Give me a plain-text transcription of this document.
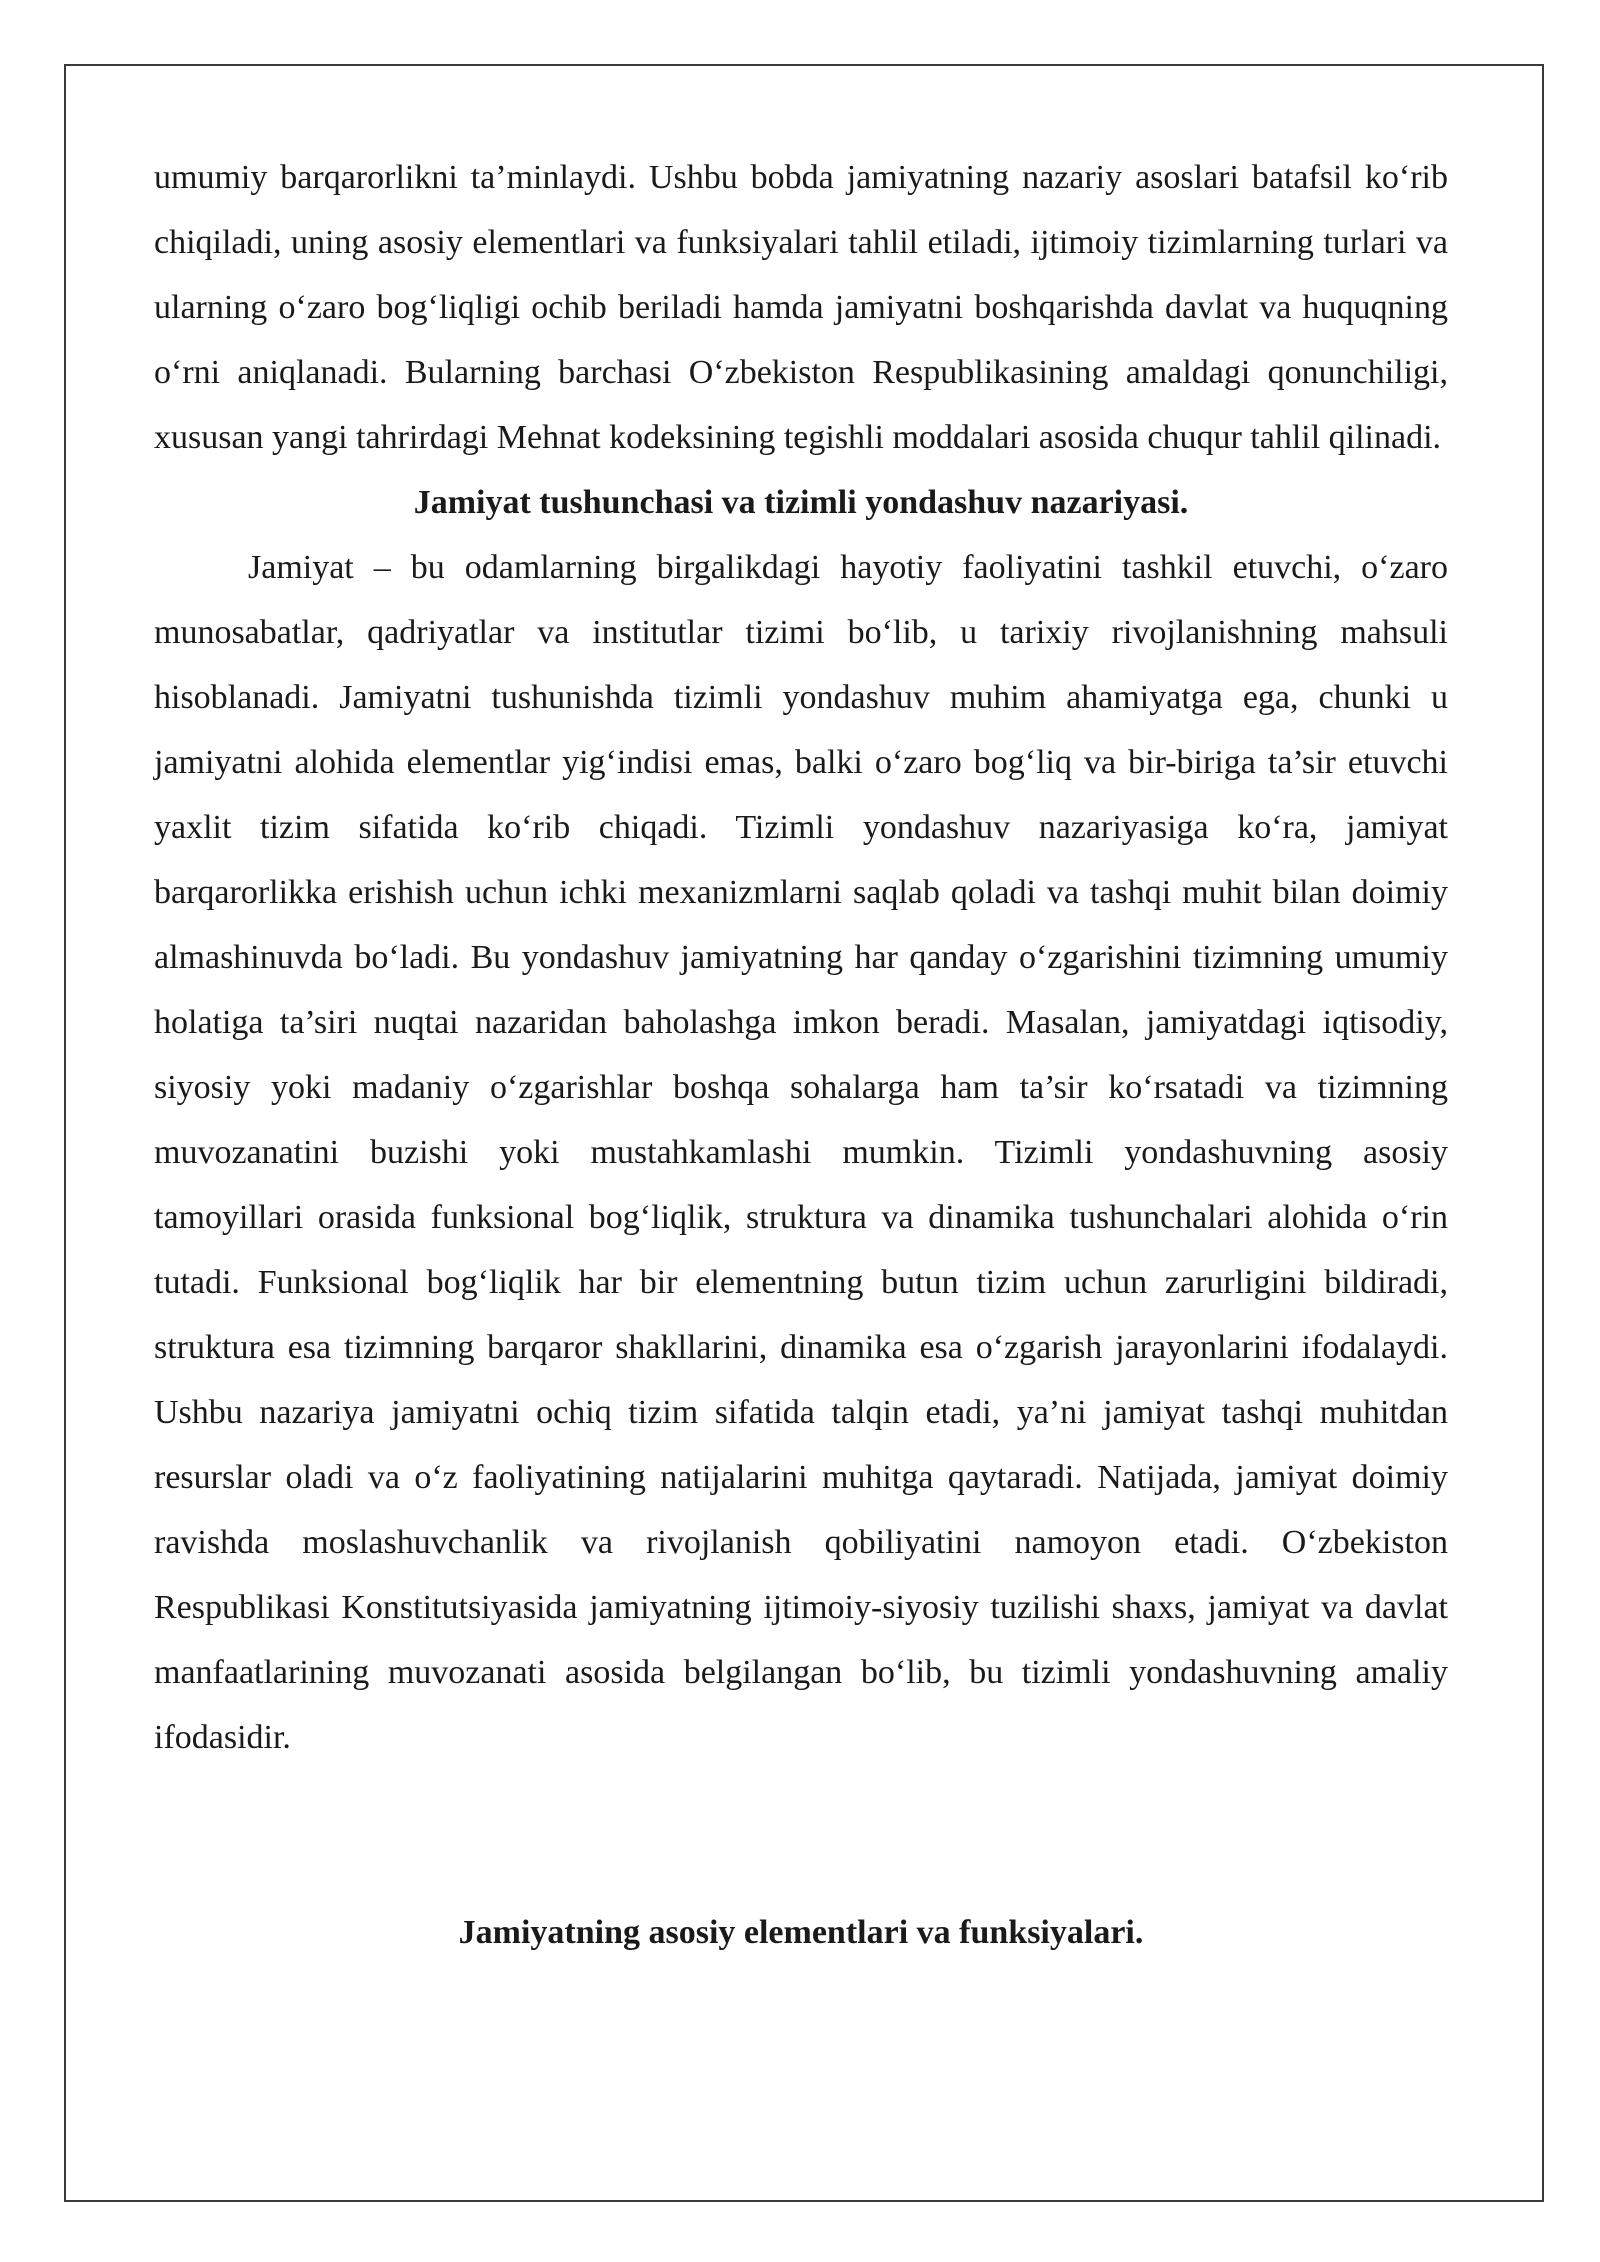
umumiy barqarorlikni ta’minlaydi. Ushbu bobda jamiyatning nazariy asoslari batafsil ko‘rib chiqiladi, uning asosiy elementlari va funksiyalari tahlil etiladi, ijtimoiy tizimlarning turlari va ularning o‘zaro bog‘liqligi ochib beriladi hamda jamiyatni boshqarishda davlat va huquqning o‘rni aniqlanadi. Bularning barchasi O‘zbekiston Respublikasining amaldagi qonunchiligi, xususan yangi tahrirdagi Mehnat kodeksining tegishli moddalari asosida chuqur tahlil qilinadi.

Jamiyat tushunchasi va tizimli yondashuv nazariyasi.

Jamiyat – bu odamlarning birgalikdagi hayotiy faoliyatini tashkil etuvchi, o‘zaro munosabatlar, qadriyatlar va institutlar tizimi bo‘lib, u tarixiy rivojlanishning mahsuli hisoblanadi. Jamiyatni tushunishda tizimli yondashuv muhim ahamiyatga ega, chunki u jamiyatni alohida elementlar yig‘indisi emas, balki o‘zaro bog‘liq va bir-biriga ta’sir etuvchi yaxlit tizim sifatida ko‘rib chiqadi. Tizimli yondashuv nazariyasiga ko‘ra, jamiyat barqarorlikka erishish uchun ichki mexanizmlarni saqlab qoladi va tashqi muhit bilan doimiy almashinuvda bo‘ladi. Bu yondashuv jamiyatning har qanday o‘zgarishini tizimning umumiy holatiga ta’siri nuqtai nazaridan baholashga imkon beradi. Masalan, jamiyatdagi iqtisodiy, siyosiy yoki madaniy o‘zgarishlar boshqa sohalarga ham ta’sir ko‘rsatadi va tizimning muvozanatini buzishi yoki mustahkamlashi mumkin. Tizimli yondashuvning asosiy tamoyillari orasida funksional bog‘liqlik, struktura va dinamika tushunchalari alohida o‘rin tutadi. Funksional bog‘liqlik har bir elementning butun tizim uchun zarurligini bildiradi, struktura esa tizimning barqaror shakllarini, dinamika esa o‘zgarish jarayonlarini ifodalaydi. Ushbu nazariya jamiyatni ochiq tizim sifatida talqin etadi, ya’ni jamiyat tashqi muhitdan resurslar oladi va o‘z faoliyatining natijalarini muhitga qaytaradi. Natijada, jamiyat doimiy ravishda moslashuvchanlik va rivojlanish qobiliyatini namoyon etadi. O‘zbekiston Respublikasi Konstitutsiyasida jamiyatning ijtimoiy-siyosiy tuzilishi shaxs, jamiyat va davlat manfaatlarining muvozanati asosida belgilangan bo‘lib, bu tizimli yondashuvning amaliy ifodasidir.

Jamiyatning asosiy elementlari va funksiyalari.
